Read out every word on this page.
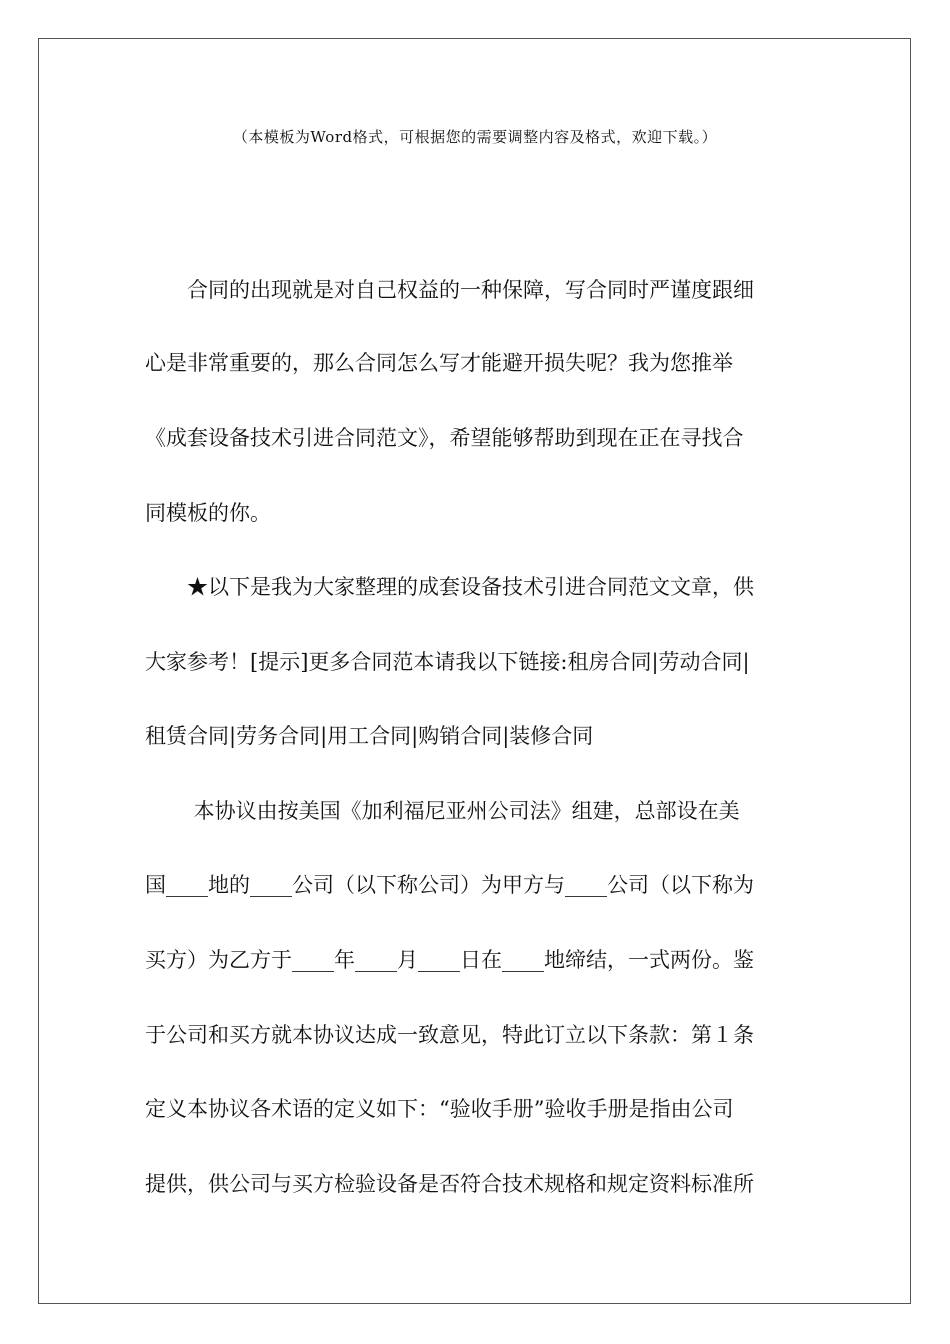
（本模板为Word格式，可根据您的需要调整内容及格式，欢迎下载。）
　　合同的出现就是对自己权益的一种保障，写合同时严谨度跟细
心是非常重要的，那么合同怎么写才能避开损失呢？我为您推举
《成套设备技术引进合同范文》，希望能够帮助到现在正在寻找合
同模板的你。
　　★以下是我为大家整理的成套设备技术引进合同范文文章，供
大家参考！[提示]更多合同范本请我以下链接:租房合同|劳动合同|
租赁合同|劳务合同|用工合同|购销合同|装修合同
　　 本协议由按美国《加利福尼亚州公司法》组建，总部设在美
国____地的____公司（以下称公司）为甲方与____公司（以下称为
买方）为乙方于____年____月____日在____地缔结，一式两份。鉴
于公司和买方就本协议达成一致意见，特此订立以下条款：第１条
定义本协议各术语的定义如下：“验收手册”验收手册是指由公司
提供，供公司与买方检验设备是否符合技术规格和规定资料标准所
